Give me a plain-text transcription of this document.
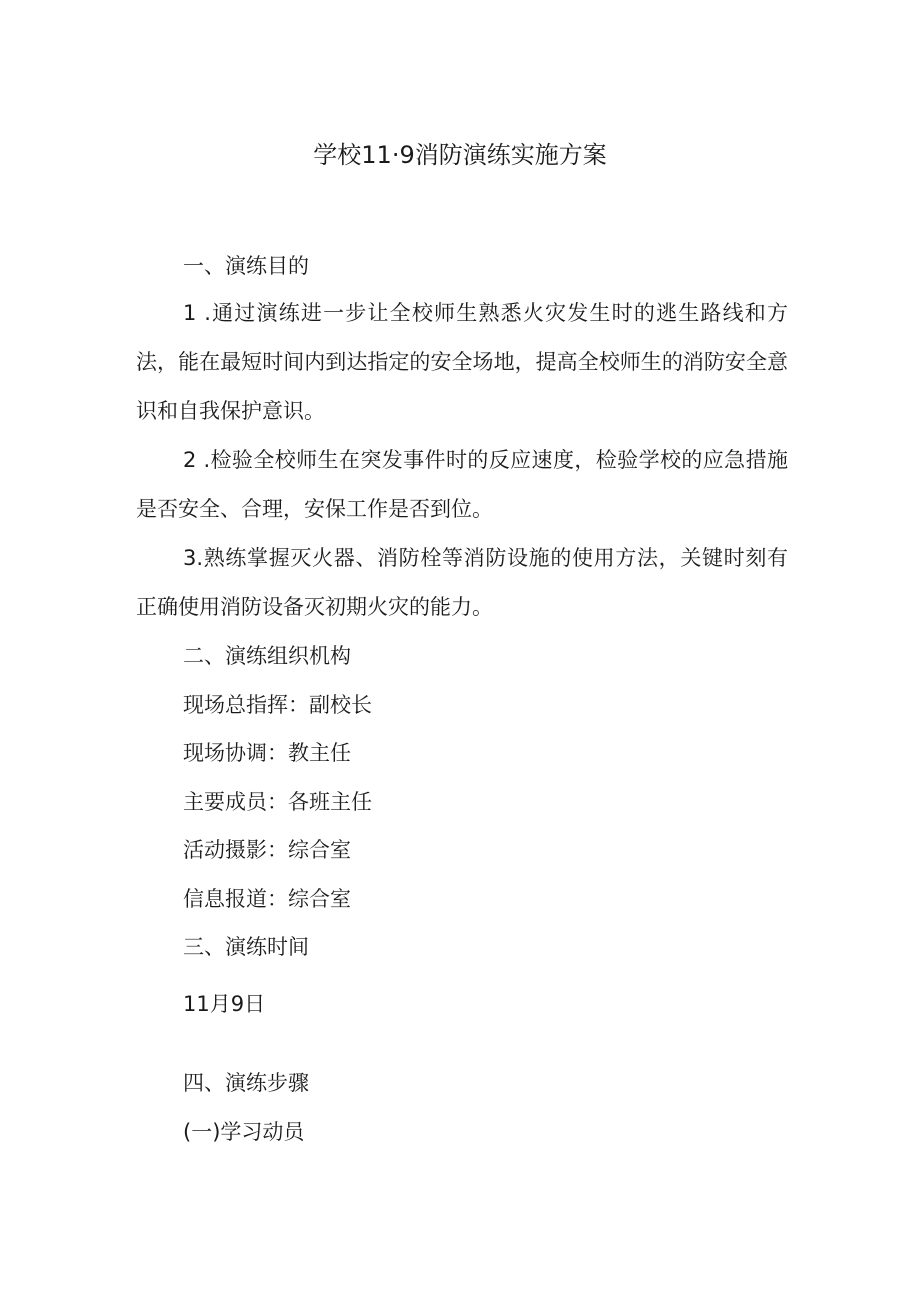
学校11·9消防演练实施方案
一、演练目的

1 .通过演练进一步让全校师生熟悉火灾发生时的逃生路线和方法，能在最短时间内到达指定的安全场地，提高全校师生的消防安全意识和自我保护意识。

2 .检验全校师生在突发事件时的反应速度，检验学校的应急措施是否安全、合理，安保工作是否到位。

3.熟练掌握灭火器、消防栓等消防设施的使用方法，关键时刻有正确使用消防设备灭初期火灾的能力。

二、演练组织机构
现场总指挥：副校长
现场协调：教主任
主要成员：各班主任
活动摄影：综合室
信息报道：综合室
三、演练时间
11月9日
四、演练步骤
(一)学习动员
